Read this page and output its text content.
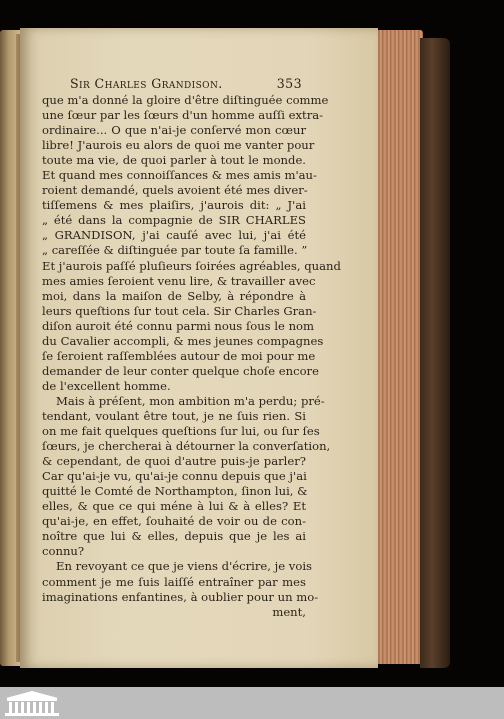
Sir Charles Grandison.	353
que m'a donné la gloire d'être diſtinguée comme
une ſœur par les ſœurs d'un homme auſſi extra-
ordinaire... O que n'ai-je conſervé mon cœur
libre! J'aurois eu alors de quoi me vanter pour
toute ma vie, de quoi parler à tout le monde.
Et quand mes connoiſſances & mes amis m'au-
roient demandé, quels avoient été mes diver-
tiſſemens & mes plaiſirs, j'aurois dit: „ J'ai
„ été dans la compagnie de SIR CHARLES
„ GRANDISON, j'ai cauſé avec lui, j'ai été
„ careſſée & diſtinguée par toute ſa famille. ”
Et j'aurois paſſé pluſieurs ſoirées agréables, quand
mes amies ſeroient venu lire, & travailler avec
moi, dans la maiſon de Selby, à répondre à
leurs queſtions ſur tout cela. Sir Charles Gran-
diſon auroit été connu parmi nous ſous le nom
du Cavalier accompli, & mes jeunes compagnes
ſe ſeroient raſſemblées autour de moi pour me
demander de leur conter quelque choſe encore
de l'excellent homme.
Mais à préſent, mon ambition m'a perdu; pré-
tendant, voulant être tout, je ne ſuis rien. Si
on me fait quelques queſtions ſur lui, ou ſur ſes
ſœurs, je chercherai à détourner la converſation,
& cependant, de quoi d'autre puis-je parler?
Car qu'ai-je vu, qu'ai-je connu depuis que j'ai
quitté le Comté de Northampton, ſinon lui, &
elles, & que ce qui méne à lui & à elles? Et
qu'ai-je, en effet, ſouhaité de voir ou de con-
noître que lui & elles, depuis que je les ai
connu?
En revoyant ce que je viens d'écrire, je vois
comment je me ſuis laiſſé entraîner par mes
imaginations enfantines, à oublier pour un mo-
ment,
